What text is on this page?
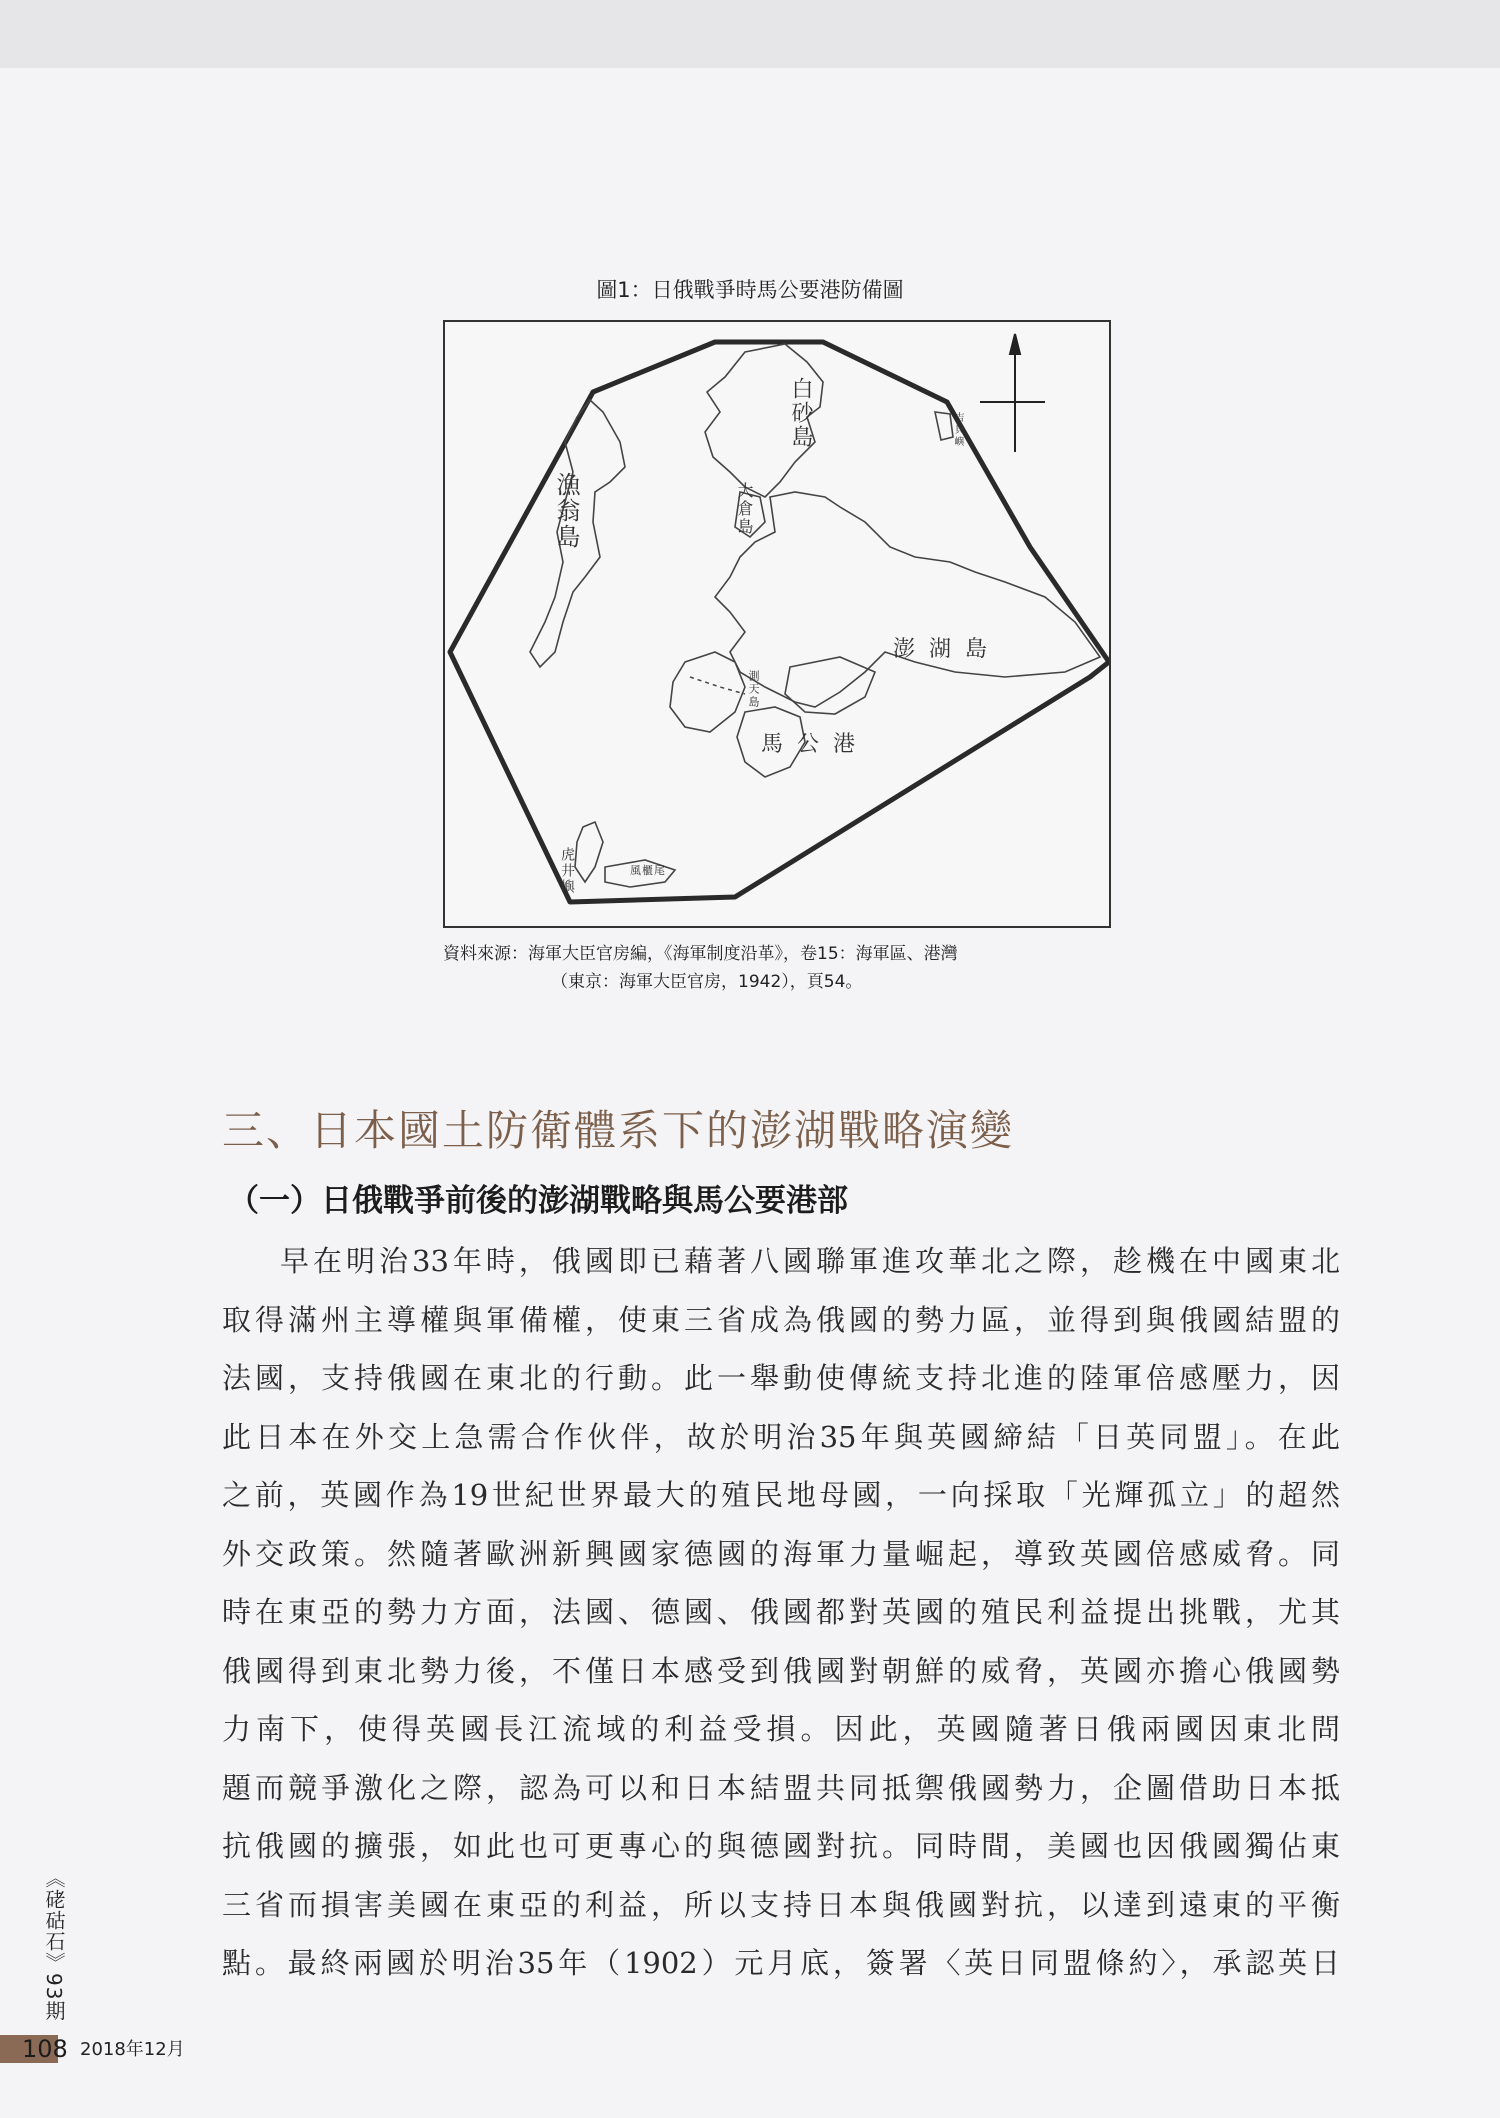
圖1：日俄戰爭時馬公要港防備圖
漁翁島
白砂島
大倉島
澎湖島
馬公港
吉貝嶼
虎井嶼
測天島
風櫃尾
資料來源：海軍大臣官房編，《海軍制度沿革》，卷15：海軍區、港灣
（東京：海軍大臣官房，1942），頁54。
三、日本國土防衛體系下的澎湖戰略演變
（一）日俄戰爭前後的澎湖戰略與馬公要港部
早在明治33年時，俄國即已藉著八國聯軍進攻華北之際，趁機在中國東北
取得滿州主導權與軍備權，使東三省成為俄國的勢力區，並得到與俄國結盟的
法國，支持俄國在東北的行動。此一舉動使傳統支持北進的陸軍倍感壓力，因
此日本在外交上急需合作伙伴，故於明治35年與英國締結「日英同盟」。在此
之前，英國作為19世紀世界最大的殖民地母國，一向採取「光輝孤立」的超然
外交政策。然隨著歐洲新興國家德國的海軍力量崛起，導致英國倍感威脅。同
時在東亞的勢力方面，法國、德國、俄國都對英國的殖民利益提出挑戰，尤其
俄國得到東北勢力後，不僅日本感受到俄國對朝鮮的威脅，英國亦擔心俄國勢
力南下，使得英國長江流域的利益受損。因此，英國隨著日俄兩國因東北問
題而競爭激化之際，認為可以和日本結盟共同抵禦俄國勢力，企圖借助日本抵
抗俄國的擴張，如此也可更專心的與德國對抗。同時間，美國也因俄國獨佔東
三省而損害美國在東亞的利益，所以支持日本與俄國對抗，以達到遠東的平衡
點。最終兩國於明治35年（1902）元月底，簽署〈英日同盟條約〉，承認英日
《硓𥑮石》93期
108 2018年12月
